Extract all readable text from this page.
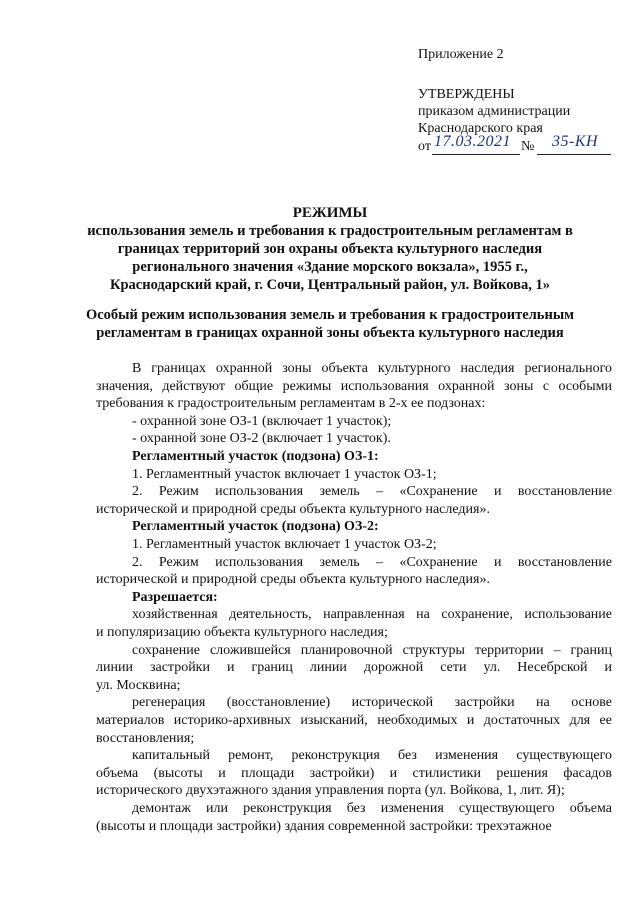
Приложение 2
УТВЕРЖДЕНЫ
приказом администрации
Краснодарского края
от 17.03.2021 № 35-КН
РЕЖИМЫ
использования земель и требования к градостроительным регламентам в
границах территорий зон охраны объекта культурного наследия
регионального значения «Здание морского вокзала», 1955 г.,
Краснодарский край, г. Сочи, Центральный район, ул. Войкова, 1»
Особый режим использования земель и требования к градостроительным
регламентам в границах охранной зоны объекта культурного наследия
В границах охранной зоны объекта культурного наследия регионального
значения, действуют общие режимы использования охранной зоны с особыми
требования к градостроительным регламентам в 2-х ее подзонах:
- охранной зоне ОЗ-1 (включает 1 участок);
- охранной зоне ОЗ-2 (включает 1 участок).
Регламентный участок (подзона) ОЗ-1:
1. Регламентный участок включает 1 участок ОЗ-1;
2. Режим использования земель – «Сохранение и восстановление
исторической и природной среды объекта культурного наследия».
Регламентный участок (подзона) ОЗ-2:
1. Регламентный участок включает 1 участок ОЗ-2;
2. Режим использования земель – «Сохранение и восстановление
исторической и природной среды объекта культурного наследия».
Разрешается:
хозяйственная деятельность, направленная на сохранение, использование
и популяризацию объекта культурного наследия;
сохранение сложившейся планировочной структуры территории – границ
линии застройки и границ линии дорожной сети ул. Несебрской и
ул. Москвина;
регенерация (восстановление) исторической застройки на основе
материалов историко-архивных изысканий, необходимых и достаточных для ее
восстановления;
капитальный ремонт, реконструкция без изменения существующего
объема (высоты и площади застройки) и стилистики решения фасадов
исторического двухэтажного здания управления порта (ул. Войкова, 1, лит. Я);
демонтаж или реконструкция без изменения существующего объема
(высоты и площади застройки) здания современной застройки: трехэтажное
